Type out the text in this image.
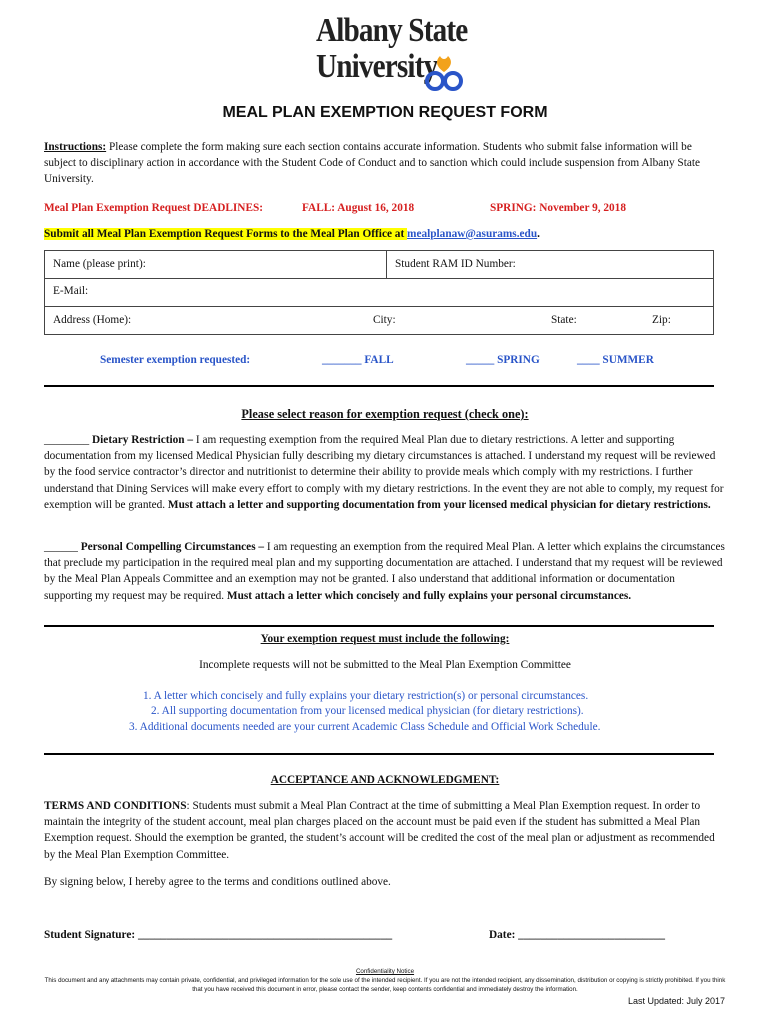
Albany State
University
MEAL PLAN EXEMPTION REQUEST FORM
Instructions: Please complete the form making sure each section contains accurate information. Students who submit false information will be subject to disciplinary action in accordance with the Student Code of Conduct and to sanction which could include suspension from Albany State University.
Meal Plan Exemption Request DEADLINES:	FALL: August 16, 2018	SPRING: November 9, 2018
Submit all Meal Plan Exemption Request Forms to the Meal Plan Office at mealplanaw@asurams.edu.
Name (please print):	Student RAM ID Number:
E-Mail:
Address (Home):	City:	State:	Zip:
Semester exemption requested:	_______ FALL	_____ SPRING	____ SUMMER
Please select reason for exemption request (check one):
________ Dietary Restriction – I am requesting exemption from the required Meal Plan due to dietary restrictions. A letter and supporting documentation from my licensed Medical Physician fully describing my dietary circumstances is attached. I understand my request will be reviewed by the food service contractor’s director and nutritionist to determine their ability to provide meals which comply with my restrictions. I further understand that Dining Services will make every effort to comply with my dietary restrictions. In the event they are not able to comply, my request for exemption will be granted. Must attach a letter and supporting documentation from your licensed medical physician for dietary restrictions.
______ Personal Compelling Circumstances – I am requesting an exemption from the required Meal Plan. A letter which explains the circumstances that preclude my participation in the required meal plan and my supporting documentation are attached. I understand that my request will be reviewed by the Meal Plan Appeals Committee and an exemption may not be granted. I also understand that additional information or documentation supporting my request may be required. Must attach a letter which concisely and fully explains your personal circumstances.
Your exemption request must include the following:
Incomplete requests will not be submitted to the Meal Plan Exemption Committee
1. A letter which concisely and fully explains your dietary restriction(s) or personal circumstances.
2. All supporting documentation from your licensed medical physician (for dietary restrictions).
3. Additional documents needed are your current Academic Class Schedule and Official Work Schedule.
ACCEPTANCE AND ACKNOWLEDGMENT:
TERMS AND CONDITIONS: Students must submit a Meal Plan Contract at the time of submitting a Meal Plan Exemption request. In order to maintain the integrity of the student account, meal plan charges placed on the account must be paid even if the student has submitted a Meal Plan Exemption request. Should the exemption be granted, the student’s account will be credited the cost of the meal plan or adjustment as recommended by the Meal Plan Exemption Committee.
By signing below, I hereby agree to the terms and conditions outlined above.
Student Signature: _____________________________________________	Date: __________________________
Confidentiality Notice
This document and any attachments may contain private, confidential, and privileged information for the sole use of the intended recipient. If you are not the intended recipient, any dissemination, distribution or copying is strictly prohibited. If you think that you have received this document in error, please contact the sender, keep contents confidential and immediately destroy the information.
Last Updated: July 2017
